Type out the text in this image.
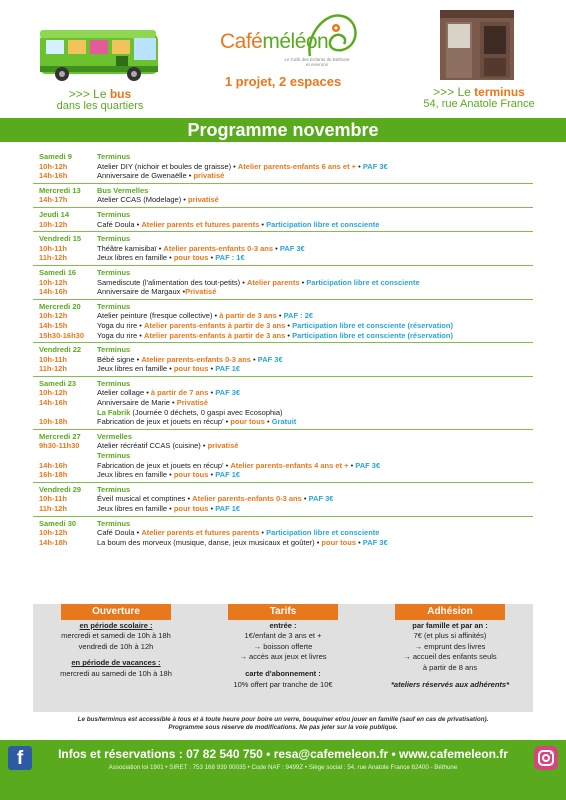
>>> Le bus
dans les quartiers
Caféméléon
Le Café des Enfants de Béthune et environs
1 projet, 2 espaces
>>> Le terminus
54, rue Anatole France
Programme novembre
Samedi 9	Terminus
10h-12h	Atelier DIY (nichoir et boules de graisse) • Atelier parents-enfants 6 ans et + • PAF 3€
14h-16h	Anniversaire de Gwenaëlle • privatisé
Mercredi 13	Bus Vermelles
14h-17h	Atelier CCAS (Modelage) • privatisé
Jeudi 14	Terminus
10h-12h	Café Doula • Atelier parents et futures parents • Participation libre et consciente
Vendredi 15	Terminus
10h-11h	Théâtre kamisibaï • Atelier parents-enfants 0-3 ans • PAF 3€
11h-12h	Jeux libres en famille • pour tous • PAF : 1€
Samedi 16	Terminus
10h-12h	Samediscute (l'alimentation des tout-petits) • Atelier parents • Participation libre et consciente
14h-16h	Anniversaire de Margaux •Privatisé
Mercredi 20	Terminus
10h-12h	Atelier peinture (fresque collective) • à partir de 3 ans • PAF : 2€
14h-15h	Yoga du rire • Atelier parents-enfants à partir de 3 ans • Participation libre et consciente (réservation)
15h30-16h30	Yoga du rire • Atelier parents-enfants à partir de 3 ans • Participation libre et consciente (réservation)
Vendredi 22	Terminus
10h-11h	Bébé signe • Atelier parents-enfants 0-3 ans • PAF 3€
11h-12h	Jeux libres en famille • pour tous • PAF 1€
Samedi 23	Terminus
10h-12h	Atelier collage • à partir de 7 ans • PAF 3€
14h-16h	Anniversaire de Marie • Privatisé
La Fabrik (Journée 0 déchets, 0 gaspi avec Ecosophia)
10h-18h	Fabrication de jeux et jouets en récup' • pour tous • Gratuit
Mercredi 27	Vermelles
9h30-11h30	Atelier récréatif CCAS (cuisine) • privatisé
Terminus
14h-16h	Fabrication de jeux et jouets en récup' • Atelier parents-enfants 4 ans et + • PAF 3€
16h-18h	Jeux libres en famille • pour tous • PAF 1€
Vendredi 29	Terminus
10h-11h	Éveil musical et comptines • Atelier parents-enfants 0-3 ans • PAF 3€
11h-12h	Jeux libres en famille • pour tous • PAF 1€
Samedi 30	Terminus
10h-12h	Café Doula • Atelier parents et futures parents • Participation libre et consciente
14h-18h	La boum des morveux (musique, danse, jeux musicaux et goûter) • pour tous • PAF 3€
Ouverture

en période scolaire :

mercredi et samedi de 10h à 18h

vendredi de 10h à 12h

en période de vacances :

mercredi au samedi de 10h à 18h

Tarifs

entrée :

1€/enfant de 3 ans et +

→ boisson offerte

→ accès aux jeux et livres

carte d'abonnement :

10% offert par tranche de 10€

Adhésion

par famille et par an :

7€ (et plus si affinités)

→ emprunt des livres

→ accueil des enfants seuls

à partir de 8 ans

*ateliers réservés aux adhérents*

Le bus/terminus est accessible à tous et à toute heure pour boire un verre, bouquiner et/ou jouer en famille (sauf en cas de privatisation).
Programme sous réserve de modifications. Ne pas jeter sur la voie publique.
f	Infos et réservations : 07 82 540 750 • resa@cafemeleon.fr • www.cafemeleon.fr
Association loi 1901 • SIRET : 753 168 939 00035 • Code NAF : 9499Z • Siège social : 54, rue Anatole France 62400 - Béthune
